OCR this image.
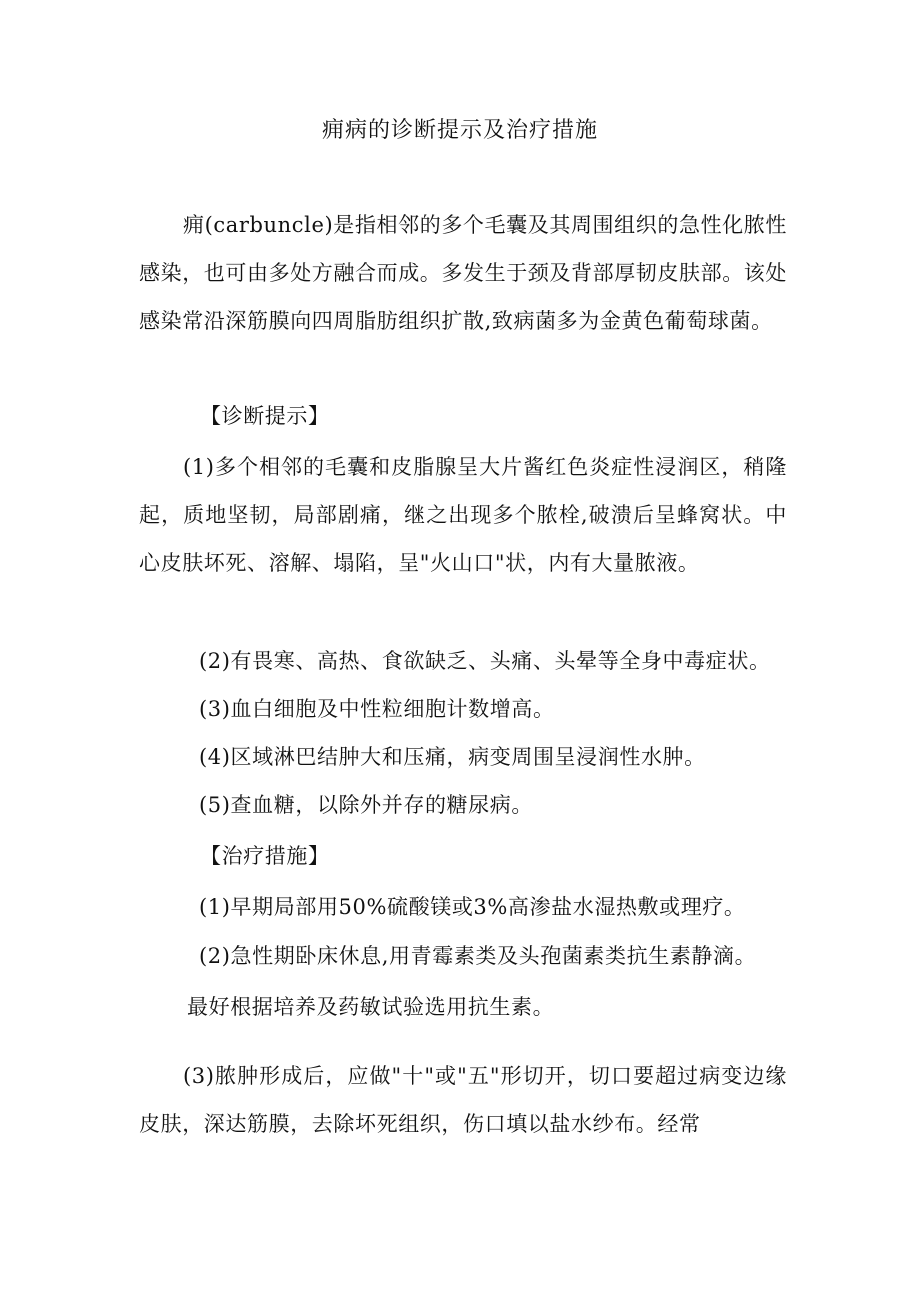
痈病的诊断提示及治疗措施

痈(carbuncle)是指相邻的多个毛囊及其周围组织的急性化脓性感染，也可由多处方融合而成。多发生于颈及背部厚韧皮肤部。该处感染常沿深筋膜向四周脂肪组织扩散,致病菌多为金黄色葡萄球菌。

【诊断提示】

(1)多个相邻的毛囊和皮脂腺呈大片酱红色炎症性浸润区，稍隆起，质地坚韧，局部剧痛，继之出现多个脓栓,破溃后呈蜂窝状。中心皮肤坏死、溶解、塌陷，呈"火山口"状，内有大量脓液。

(2)有畏寒、高热、食欲缺乏、头痛、头晕等全身中毒症状。
(3)血白细胞及中性粒细胞计数增高。
(4)区域淋巴结肿大和压痛，病变周围呈浸润性水肿。
(5)查血糖，以除外并存的糖尿病。
【治疗措施】
(1)早期局部用50%硫酸镁或3%高渗盐水湿热敷或理疗。
(2)急性期卧床休息,用青霉素类及头孢菌素类抗生素静滴。
最好根据培养及药敏试验选用抗生素。

(3)脓肿形成后，应做"十"或"五"形切开，切口要超过病变边缘皮肤，深达筋膜，去除坏死组织，伤口填以盐水纱布。经常
